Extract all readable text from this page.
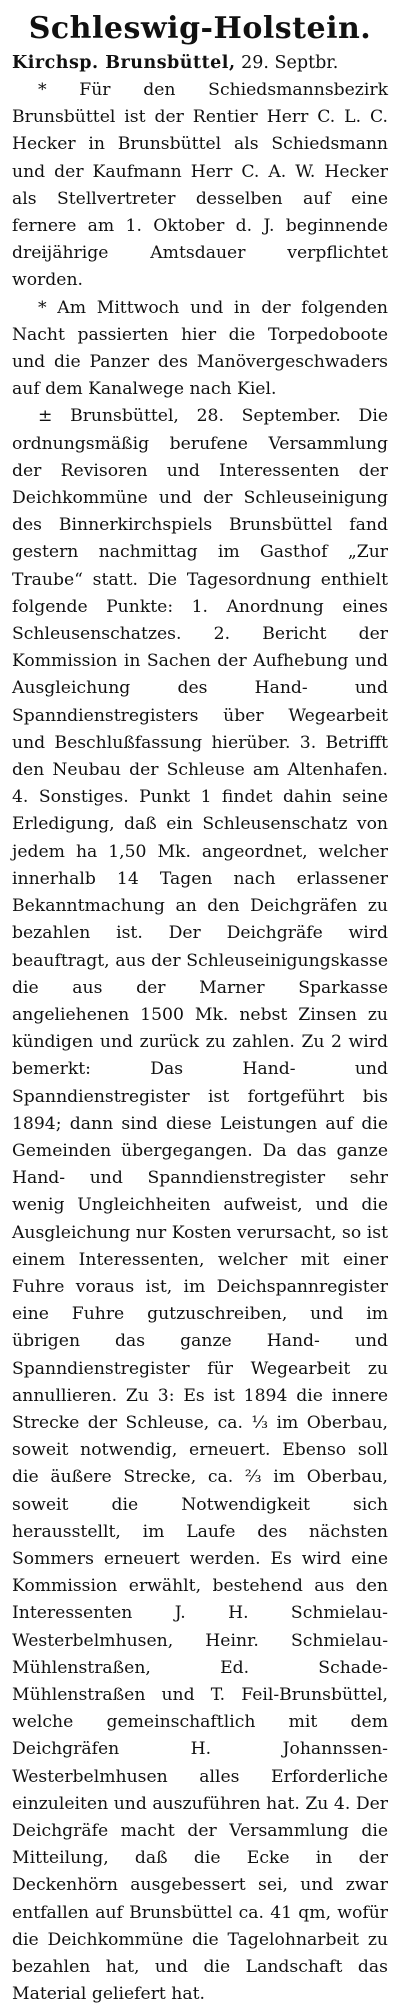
Schleswig-Holstein.

Kirchsp. Brunsbüttel, 29. Septbr.

* Für den Schiedsmannsbezirk Brunsbüttel ist der Rentier Herr C. L. C. Hecker in Brunsbüttel als Schiedsmann und der Kaufmann Herr C. A. W. Hecker als Stellvertreter desselben auf eine fernere am 1. Oktober d. J. beginnende dreijährige Amtsdauer verpflichtet worden.

* Am Mittwoch und in der folgenden Nacht passierten hier die Torpedoboote und die Panzer des Manövergeschwaders auf dem Kanalwege nach Kiel.

± Brunsbüttel, 28. September. Die ordnungsmäßig berufene Versammlung der Revisoren und Interessenten der Deichkommüne und der Schleuseinigung des Binnerkirchspiels Brunsbüttel fand gestern nachmittag im Gasthof „Zur Traube“ statt. Die Tagesordnung enthielt folgende Punkte: 1. Anordnung eines Schleusenschatzes. 2. Bericht der Kommission in Sachen der Aufhebung und Ausgleichung des Hand- und Spanndienstregisters über Wegearbeit und Beschlußfassung hierüber. 3. Betrifft den Neubau der Schleuse am Altenhafen. 4. Sonstiges. Punkt 1 findet dahin seine Erledigung, daß ein Schleusenschatz von jedem ha 1,50 Mk. angeordnet, welcher innerhalb 14 Tagen nach erlassener Bekanntmachung an den Deichgräfen zu bezahlen ist. Der Deichgräfe wird beauftragt, aus der Schleuseinigungskasse die aus der Marner Sparkasse angeliehenen 1500 Mk. nebst Zinsen zu kündigen und zurück zu zahlen. Zu 2 wird bemerkt: Das Hand- und Spanndienstregister ist fortgeführt bis 1894; dann sind diese Leistungen auf die Gemeinden übergegangen. Da das ganze Hand- und Spanndienstregister sehr wenig Ungleichheiten aufweist, und die Ausgleichung nur Kosten verursacht, so ist einem Interessenten, welcher mit einer Fuhre voraus ist, im Deichspannregister eine Fuhre gutzuschreiben, und im übrigen das ganze Hand- und Spanndienstregister für Wegearbeit zu annullieren. Zu 3: Es ist 1894 die innere Strecke der Schleuse, ca. ⅓ im Oberbau, soweit notwendig, erneuert. Ebenso soll die äußere Strecke, ca. ⅔ im Oberbau, soweit die Notwendigkeit sich herausstellt, im Laufe des nächsten Sommers erneuert werden. Es wird eine Kommission erwählt, bestehend aus den Interessenten J. H. Schmielau-Westerbelmhusen, Heinr. Schmielau-Mühlenstraßen, Ed. Schade-Mühlenstraßen und T. Feil-Brunsbüttel, welche gemeinschaftlich mit dem Deichgräfen H. Johannssen-Westerbelmhusen alles Erforderliche einzuleiten und auszuführen hat. Zu 4. Der Deichgräfe macht der Versammlung die Mitteilung, daß die Ecke in der Deckenhörn ausgebessert sei, und zwar entfallen auf Brunsbüttel ca. 41 qm, wofür die Deichkommüne die Tagelohnarbeit zu bezahlen hat, und die Landschaft das Material geliefert hat.
